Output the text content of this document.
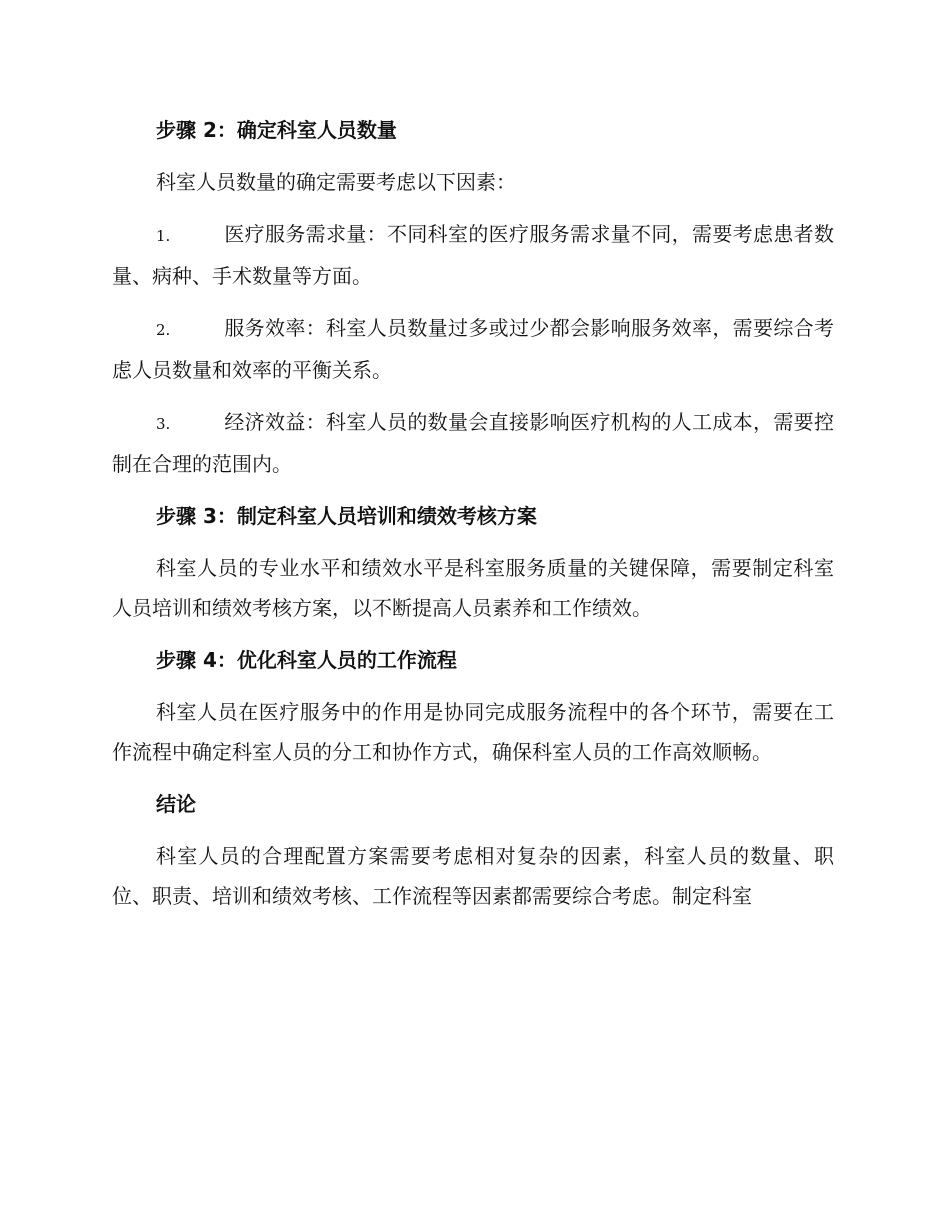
步骤 2：确定科室人员数量
科室人员数量的确定需要考虑以下因素：
1.	医疗服务需求量：不同科室的医疗服务需求量不同，需要考虑患者数量、病种、手术数量等方面。
2.	服务效率：科室人员数量过多或过少都会影响服务效率，需要综合考虑人员数量和效率的平衡关系。
3.	经济效益：科室人员的数量会直接影响医疗机构的人工成本，需要控制在合理的范围内。
步骤 3：制定科室人员培训和绩效考核方案
科室人员的专业水平和绩效水平是科室服务质量的关键保障，需要制定科室人员培训和绩效考核方案，以不断提高人员素养和工作绩效。
步骤 4：优化科室人员的工作流程
科室人员在医疗服务中的作用是协同完成服务流程中的各个环节，需要在工作流程中确定科室人员的分工和协作方式，确保科室人员的工作高效顺畅。
结论
科室人员的合理配置方案需要考虑相对复杂的因素，科室人员的数量、职位、职责、培训和绩效考核、工作流程等因素都需要综合考虑。制定科室
